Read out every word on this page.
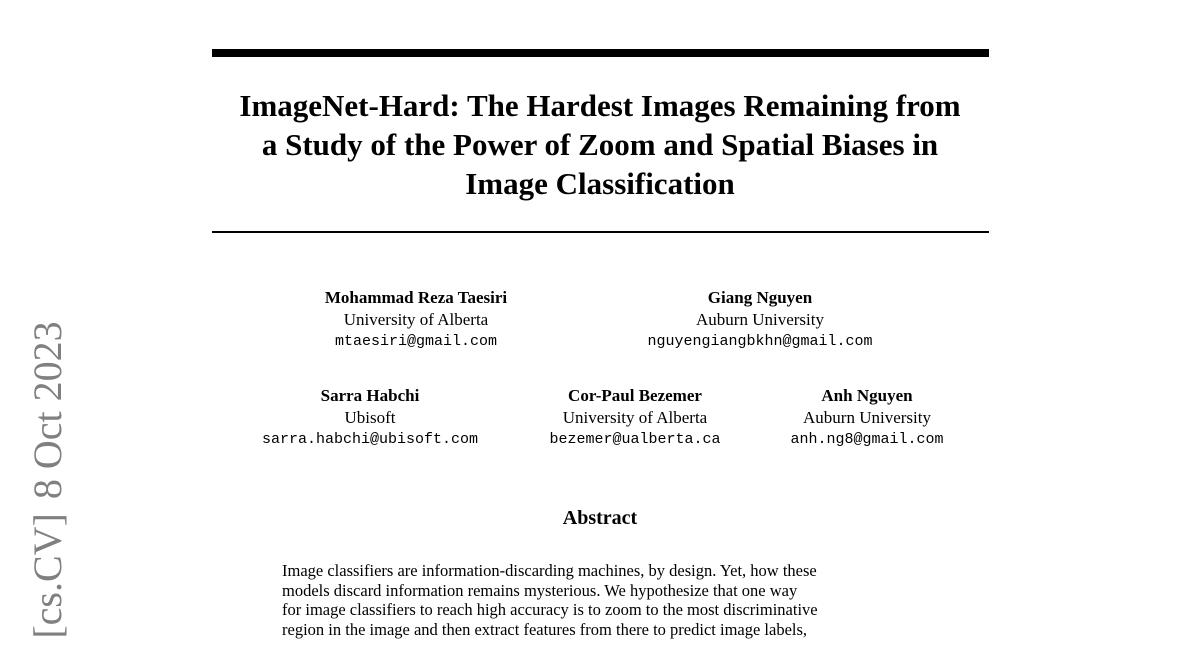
ImageNet-Hard: The Hardest Images Remaining from
a Study of the Power of Zoom and Spatial Biases in
Image Classification
Mohammad Reza Taesiri
University of Alberta
mtaesiri@gmail.com
Giang Nguyen
Auburn University
nguyengiangbkhn@gmail.com
Sarra Habchi
Ubisoft
sarra.habchi@ubisoft.com
Cor-Paul Bezemer
University of Alberta
bezemer@ualberta.ca
Anh Nguyen
Auburn University
anh.ng8@gmail.com
Abstract
Image classifiers are information-discarding machines, by design. Yet, how these
models discard information remains mysterious. We hypothesize that one way
for image classifiers to reach high accuracy is to zoom to the most discriminative
region in the image and then extract features from there to predict image labels,
[cs.CV]8 Oct 2023
